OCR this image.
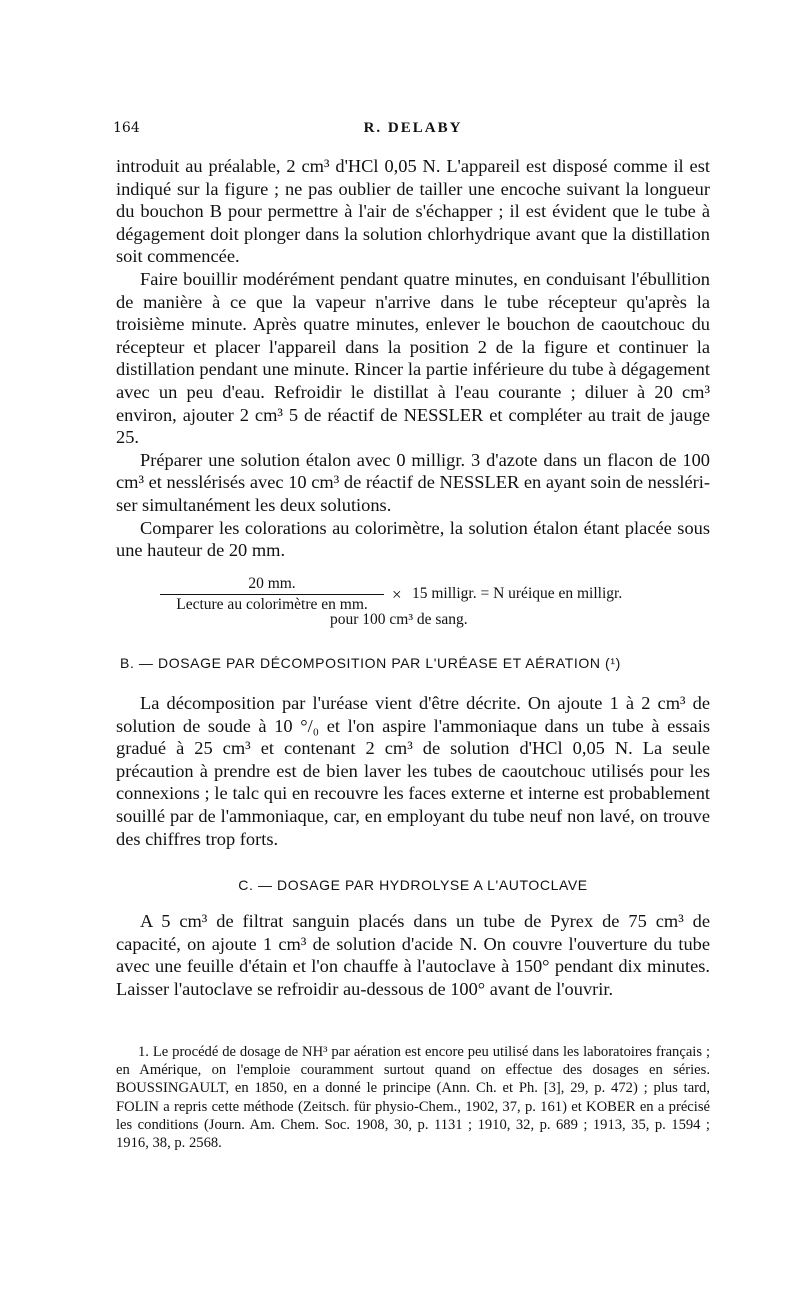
164	R. DELABY

introduit au préalable, 2 cm³ d'HCl 0,05 N. L'appareil est disposé comme il est indiqué sur la figure ; ne pas oublier de tailler une encoche suivant la longueur du bouchon B pour permettre à l'air de s'échapper ; il est évident que le tube à dégagement doit plonger dans la solution chlorhydrique avant que la distillation soit commencée.

Faire bouillir modérément pendant quatre minutes, en conduisant l'ébullition de manière à ce que la vapeur n'arrive dans le tube récepteur qu'après la troisième minute. Après quatre minutes, enlever le bouchon de caoutchouc du récepteur et placer l'appareil dans la position 2 de la figure et continuer la distillation pendant une minute. Rincer la partie inférieure du tube à dégagement avec un peu d'eau. Refroidir le distillat à l'eau courante ; diluer à 20 cm³ environ, ajouter 2 cm³ 5 de réactif de NESSLER et compléter au trait de jauge 25.

Préparer une solution étalon avec 0 milligr. 3 d'azote dans un flacon de 100 cm³ et nesslérisés avec 10 cm³ de réactif de NESSLER en ayant soin de nesslériser simultanément les deux solutions.

Comparer les colorations au colorimètre, la solution étalon étant placée sous une hauteur de 20 mm.

20 mm.
Lecture au colorimètre en mm.
× 15 milligr. = N uréique en milligr.
pour 100 cm³ de sang.
B. — DOSAGE PAR DÉCOMPOSITION PAR L'URÉASE ET AÉRATION (¹)

La décomposition par l'uréase vient d'être décrite. On ajoute 1 à 2 cm³ de solution de soude à 10 °/₀ et l'on aspire l'ammoniaque dans un tube à essais gradué à 25 cm³ et contenant 2 cm³ de solution d'HCl 0,05 N. La seule précaution à prendre est de bien laver les tubes de caoutchouc utilisés pour les connexions ; le talc qui en recouvre les faces externe et interne est probablement souillé par de l'ammoniaque, car, en employant du tube neuf non lavé, on trouve des chiffres trop forts.

C. — DOSAGE PAR HYDROLYSE A L'AUTOCLAVE

A 5 cm³ de filtrat sanguin placés dans un tube de Pyrex de 75 cm³ de capacité, on ajoute 1 cm³ de solution d'acide N. On couvre l'ouverture du tube avec une feuille d'étain et l'on chauffe à l'autoclave à 150° pendant dix minutes. Laisser l'autoclave se refroidir au-dessous de 100° avant de l'ouvrir.

1. Le procédé de dosage de NH³ par aération est encore peu utilisé dans les laboratoires français ; en Amérique, on l'emploie couramment surtout quand on effectue des dosages en séries. BOUSSINGAULT, en 1850, en a donné le principe (Ann. Ch. et Ph. [3], 29, p. 472) ; plus tard, FOLIN a repris cette méthode (Zeitsch. für physio-Chem., 1902, 37, p. 161) et KOBER en a précisé les conditions (Journ. Am. Chem. Soc. 1908, 30, p. 1131 ; 1910, 32, p. 689 ; 1913, 35, p. 1594 ; 1916, 38, p. 2568.
